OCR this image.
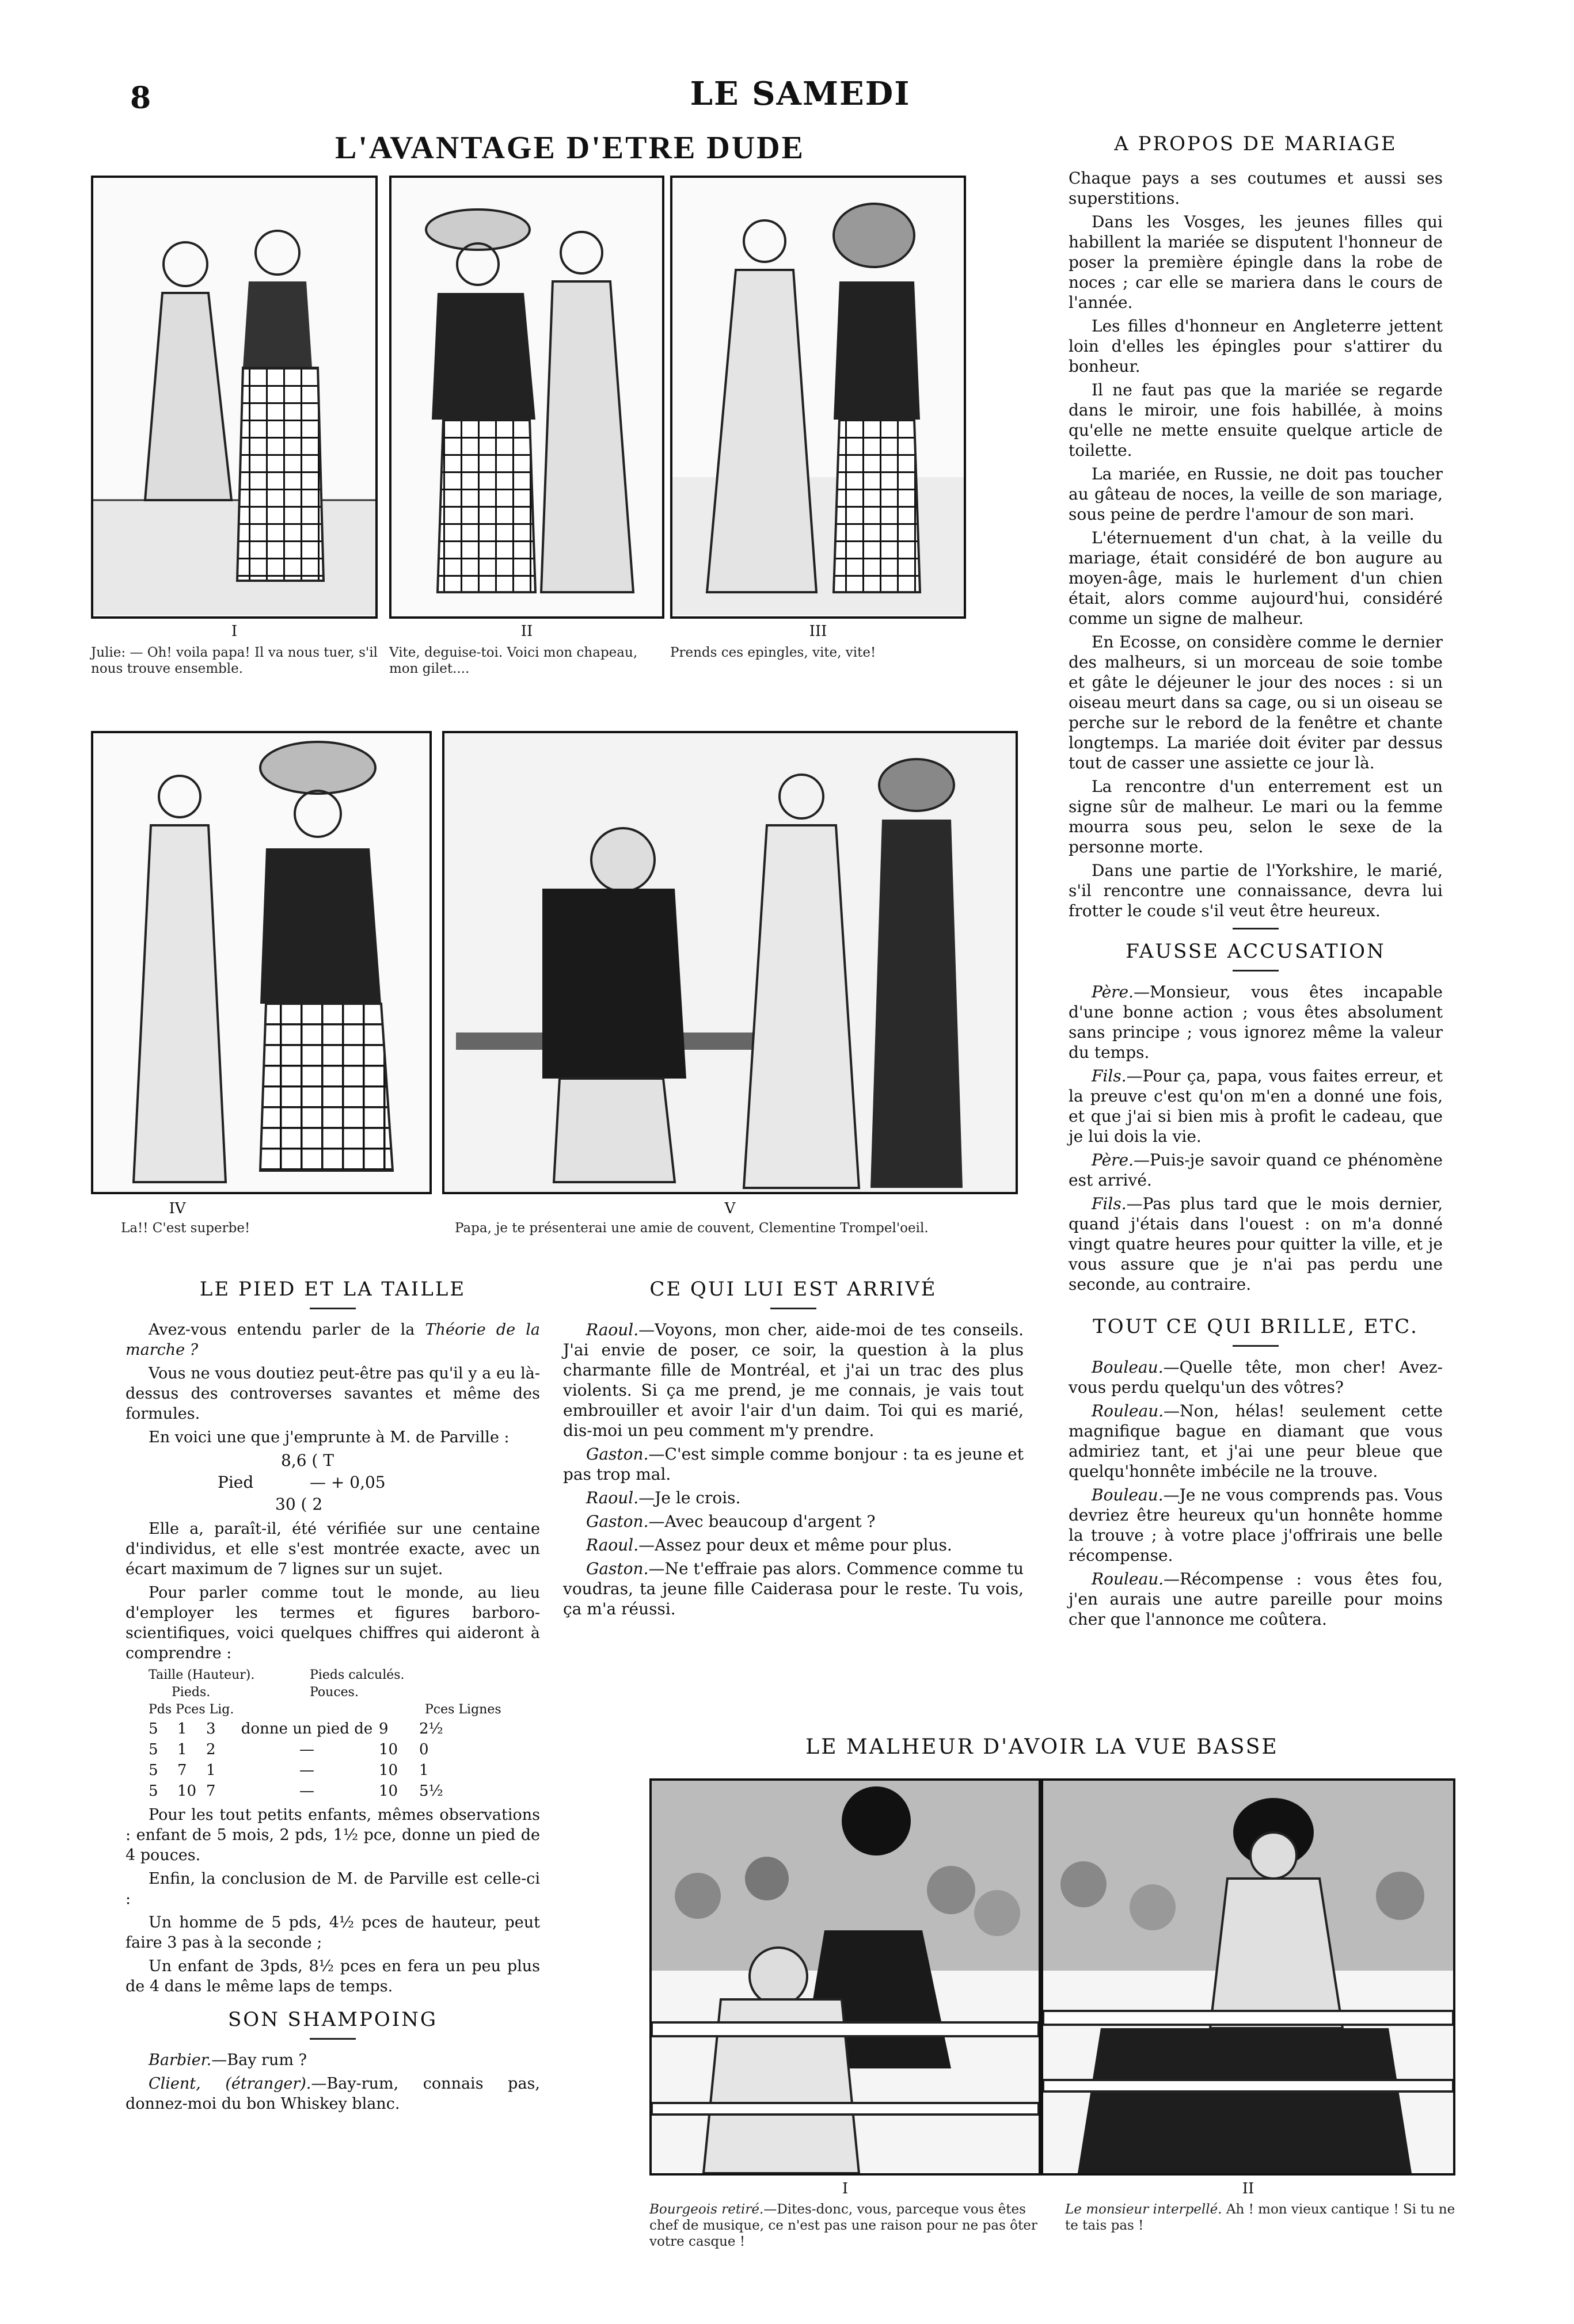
8	LE SAMEDI
L'AVANTAGE D'ETRE DUDE
I	II	III
Julie: — Oh! voila papa! Il va nous tuer, s'il nous trouve ensemble.
Vite, deguise-toi. Voici mon chapeau, mon gilet....
Prends ces epingles, vite, vite!
IV	V
La!! C'est superbe!	Papa, je te présenterai une amie de couvent, Clementine Trompel'oeil.
A PROPOS DE MARIAGE

Chaque pays a ses coutumes et aussi ses superstitions.

Dans les Vosges, les jeunes filles qui habillent la mariée se disputent l'honneur de poser la première épingle dans la robe de noces ; car elle se mariera dans le cours de l'année.

Les filles d'honneur en Angleterre jettent loin d'elles les épingles pour s'attirer du bonheur.

Il ne faut pas que la mariée se regarde dans le miroir, une fois habillée, à moins qu'elle ne mette ensuite quelque article de toilette.

La mariée, en Russie, ne doit pas toucher au gâteau de noces, la veille de son mariage, sous peine de perdre l'amour de son mari.

L'éternuement d'un chat, à la veille du mariage, était considéré de bon augure au moyen-âge, mais le hurlement d'un chien était, alors comme aujourd'hui, considéré comme un signe de malheur.

En Ecosse, on considère comme le dernier des malheurs, si un morceau de soie tombe et gâte le déjeuner le jour des noces : si un oiseau meurt dans sa cage, ou si un oiseau se perche sur le rebord de la fenêtre et chante longtemps. La mariée doit éviter par dessus tout de casser une assiette ce jour là.

La rencontre d'un enterrement est un signe sûr de malheur. Le mari ou la femme mourra sous peu, selon le sexe de la personne morte.

Dans une partie de l'Yorkshire, le marié, s'il rencontre une connaissance, devra lui frotter le coude s'il veut être heureux.

FAUSSE ACCUSATION

Père.—Monsieur, vous êtes incapable d'une bonne action ; vous êtes absolument sans principe ; vous ignorez même la valeur du temps.

Fils.—Pour ça, papa, vous faites erreur, et la preuve c'est qu'on m'en a donné une fois, et que j'ai si bien mis à profit le cadeau, que je lui dois la vie.

Père.—Puis-je savoir quand ce phénomène est arrivé.

Fils.—Pas plus tard que le mois dernier, quand j'étais dans l'ouest : on m'a donné vingt quatre heures pour quitter la ville, et je vous assure que je n'ai pas perdu une seconde, au contraire.

TOUT CE QUI BRILLE, ETC.

Bouleau.—Quelle tête, mon cher! Avez-vous perdu quelqu'un des vôtres?

Rouleau.—Non, hélas! seulement cette magnifique bague en diamant que vous admiriez tant, et j'ai une peur bleue que quelqu'honnête imbécile ne la trouve.

Bouleau.—Je ne vous comprends pas. Vous devriez être heureux qu'un honnête homme la trouve ; à votre place j'offrirais une belle récompense.

Rouleau.—Récompense : vous êtes fou, j'en aurais une autre pareille pour moins cher que l'annonce me coûtera.

LE PIED ET LA TAILLE

Avez-vous entendu parler de la Théorie de la marche ?

Vous ne vous doutiez peut-être pas qu'il y a eu là-dessus des controverses savantes et même des formules.

En voici une que j'emprunte à M. de Parville :

Pied
8,6 ( T
— + 0,05
30 ( 2

Elle a, paraît-il, été vérifiée sur une centaine d'individus, et elle s'est montrée exacte, avec un écart maximum de 7 lignes sur un sujet.

Pour parler comme tout le monde, au lieu d'employer les termes et figures barboro-scientifiques, voici quelques chiffres qui aideront à comprendre :

Taille (Hauteur).	Pieds calculés.
Pieds.	Pouces.
Pds Pces Lig.	Pces Lignes
5	1	3	donne un pied de 9	2½
5	1	2	—	10	0
5	7	1	—	10	1
5	10 7	—	10	5½

Pour les tout petits enfants, mêmes observations : enfant de 5 mois, 2 pds, 1½ pce, donne un pied de 4 pouces.

Enfin, la conclusion de M. de Parville est celle-ci :

Un homme de 5 pds, 4½ pces de hauteur, peut faire 3 pas à la seconde ;

Un enfant de 3pds, 8½ pces en fera un peu plus de 4 dans le même laps de temps.

SON SHAMPOING

Barbier.—Bay rum ?

Client, (étranger).—Bay-rum, connais pas, donnez-moi du bon Whiskey blanc.

CE QUI LUI EST ARRIVÉ

Raoul.—Voyons, mon cher, aide-moi de tes conseils. J'ai envie de poser, ce soir, la question à la plus charmante fille de Montréal, et j'ai un trac des plus violents. Si ça me prend, je me connais, je vais tout embrouiller et avoir l'air d'un daim. Toi qui es marié, dis-moi un peu comment m'y prendre.

Gaston.—C'est simple comme bonjour : ta es jeune et pas trop mal.

Raoul.—Je le crois.

Gaston.—Avec beaucoup d'argent ?

Raoul.—Assez pour deux et même pour plus.

Gaston.—Ne t'effraie pas alors. Commence comme tu voudras, ta jeune fille Caiderasa pour le reste. Tu vois, ça m'a réussi.

LE MALHEUR D'AVOIR LA VUE BASSE
I	II
Bourgeois retiré.—Dites-donc, vous, parceque vous êtes chef de musique, ce n'est pas une raison pour ne pas ôter votre casque !
Le monsieur interpellé. Ah ! mon vieux cantique ! Si tu ne te tais pas !
